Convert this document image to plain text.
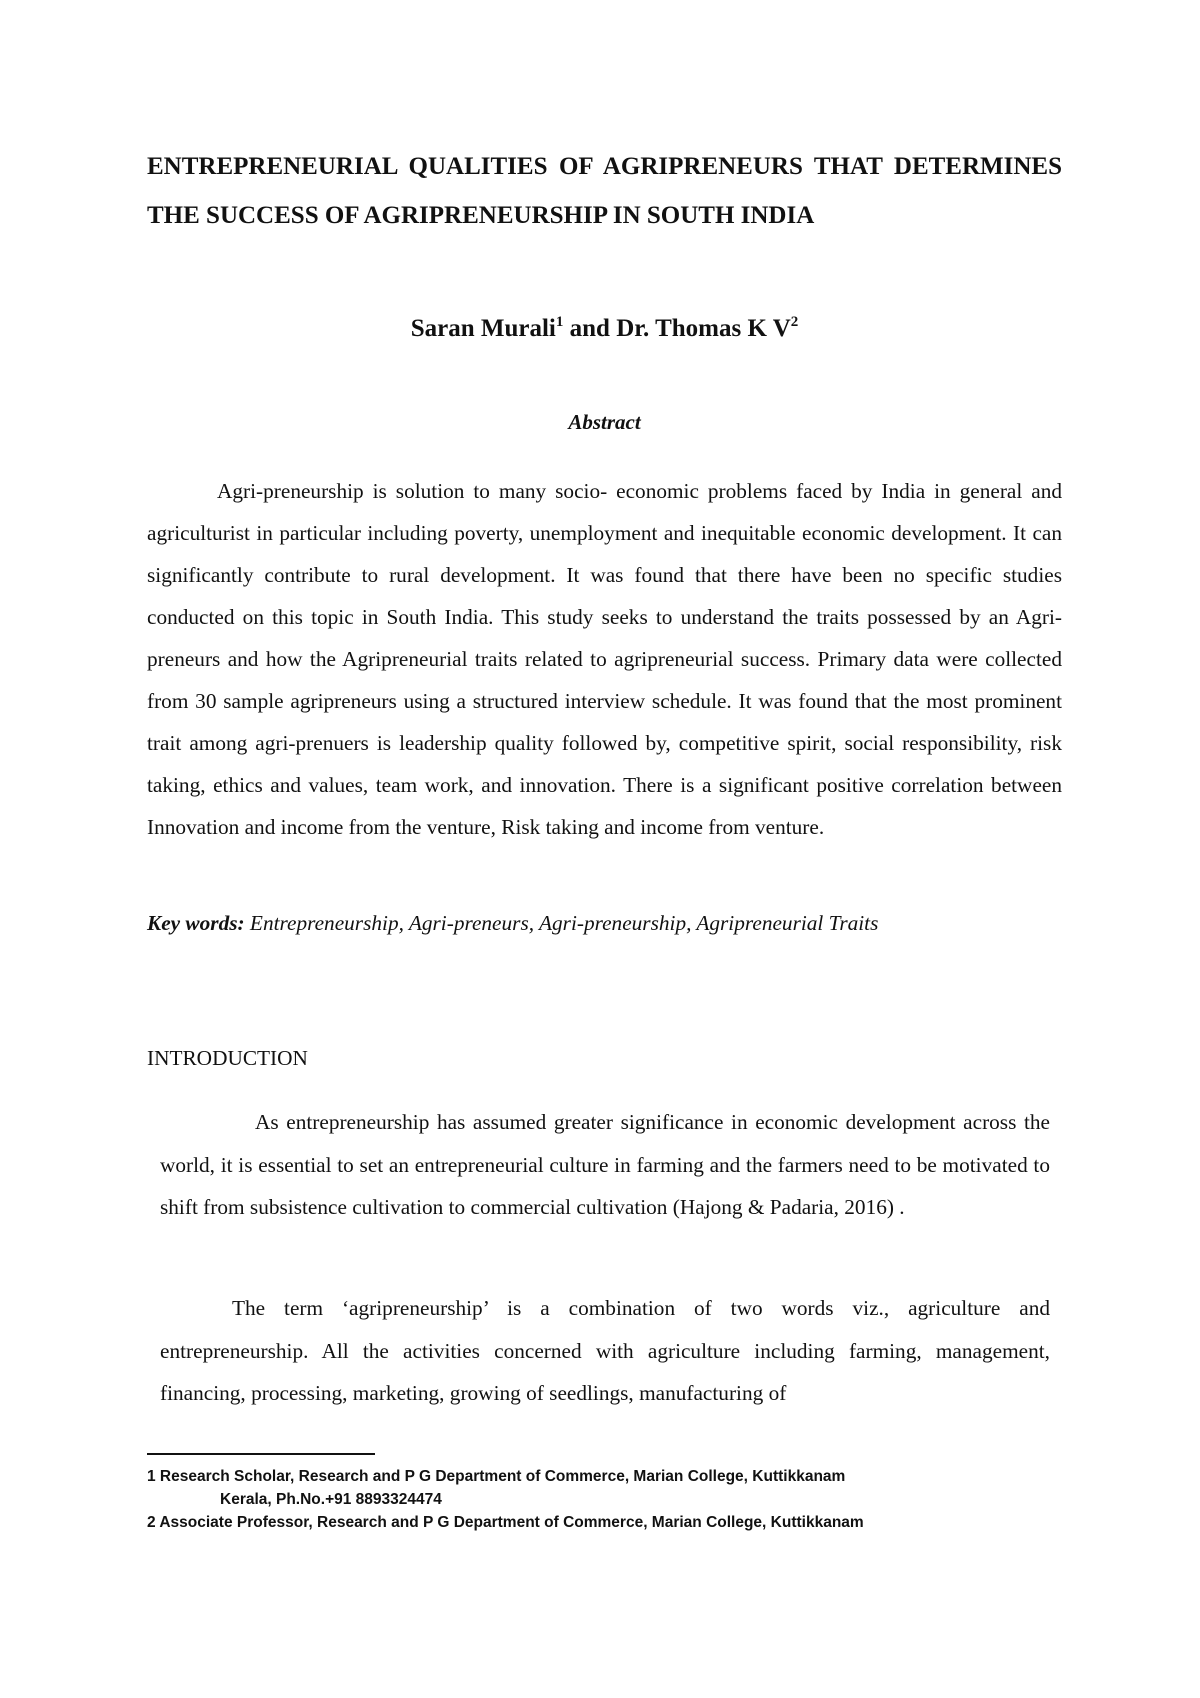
ENTREPRENEURIAL QUALITIES OF AGRIPRENEURS THAT DETERMINES THE SUCCESS OF AGRIPRENEURSHIP IN SOUTH INDIA

Saran Murali$^1$ and Dr. Thomas K $V^2$

Abstract

Agri-preneurship is solution to many socio- economic problems faced by India in general and agriculturist in particular including poverty, unemployment and inequitable economic development. It can significantly contribute to rural development. It was found that there have been no specific studies conducted on this topic in South India. This study seeks to understand the traits possessed by an Agri-preneurs and how the Agripreneurial traits related to agripreneurial success. Primary data were collected from 30 sample agripreneurs using a structured interview schedule. It was found that the most prominent trait among agri-prenuers is leadership quality followed by, competitive spirit, social responsibility, risk taking, ethics and values, team work, and innovation. There is a significant positive correlation between Innovation and income from the venture, Risk taking and income from venture.

Key words: Entrepreneurship, Agri-preneurs, Agri-preneurship, Agripreneurial Traits

INTRODUCTION

As entrepreneurship has assumed greater significance in economic development across the world, it is essential to set an entrepreneurial culture in farming and the farmers need to be motivated to shift from subsistence cultivation to commercial cultivation (Hajong & Padaria, 2016) .

The term ‘agripreneurship’ is a combination of two words viz., agriculture and entrepreneurship. All the activities concerned with agriculture including farming, management, financing, processing, marketing, growing of seedlings, manufacturing of

1 Research Scholar, Research and P G Department of Commerce, Marian College, Kuttikkanam
Kerala, Ph.No.+91 8893324474
2 Associate Professor, Research and P G Department of Commerce, Marian College, Kuttikkanam
